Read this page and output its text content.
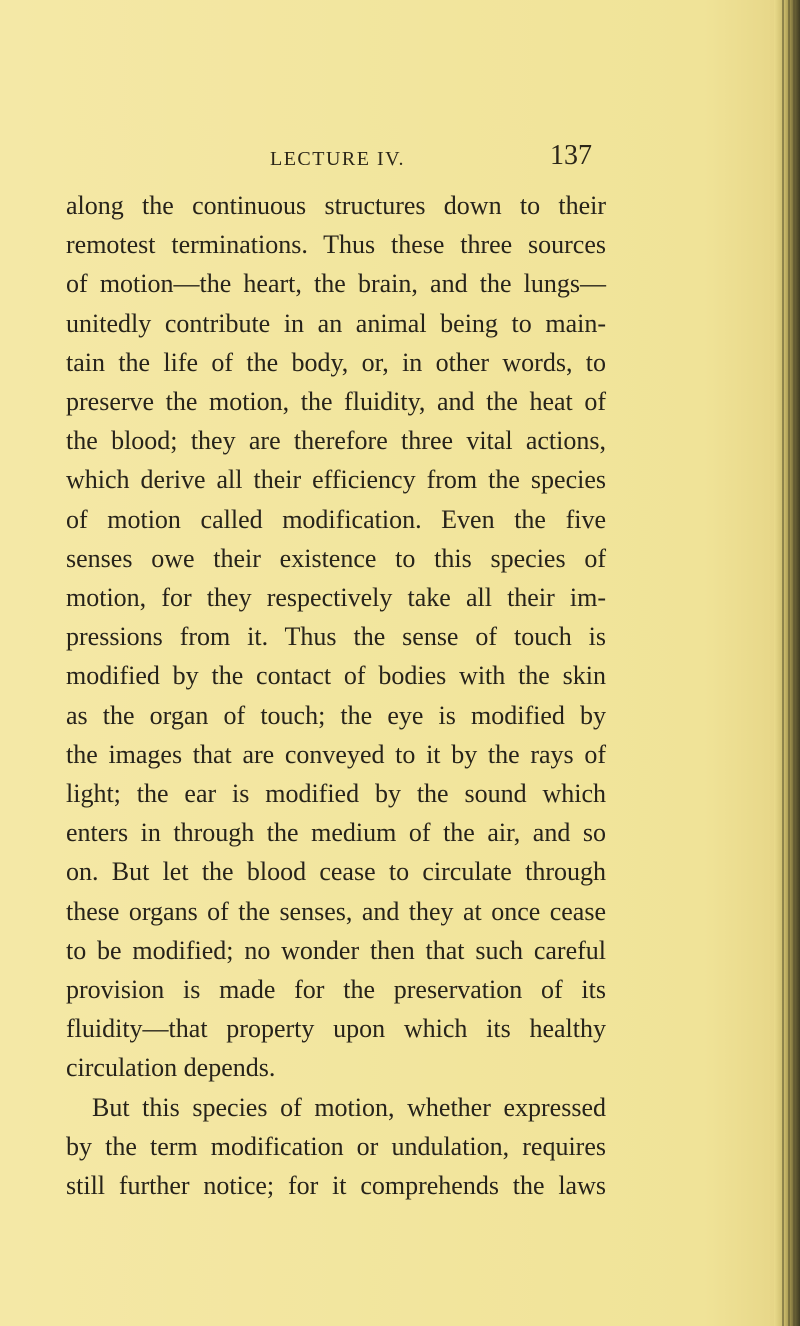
LECTURE IV.	137
along the continuous structures down to their
remotest terminations. Thus these three sources
of motion—the heart, the brain, and the lungs—
unitedly contribute in an animal being to main-
tain the life of the body, or, in other words, to
preserve the motion, the fluidity, and the heat of
the blood; they are therefore three vital actions,
which derive all their efficiency from the species
of motion called modification. Even the five
senses owe their existence to this species of
motion, for they respectively take all their im-
pressions from it. Thus the sense of touch is
modified by the contact of bodies with the skin
as the organ of touch; the eye is modified by
the images that are conveyed to it by the rays of
light; the ear is modified by the sound which
enters in through the medium of the air, and so
on. But let the blood cease to circulate through
these organs of the senses, and they at once cease
to be modified; no wonder then that such careful
provision is made for the preservation of its
fluidity—that property upon which its healthy
circulation depends.
But this species of motion, whether expressed
by the term modification or undulation, requires
still further notice; for it comprehends the laws
